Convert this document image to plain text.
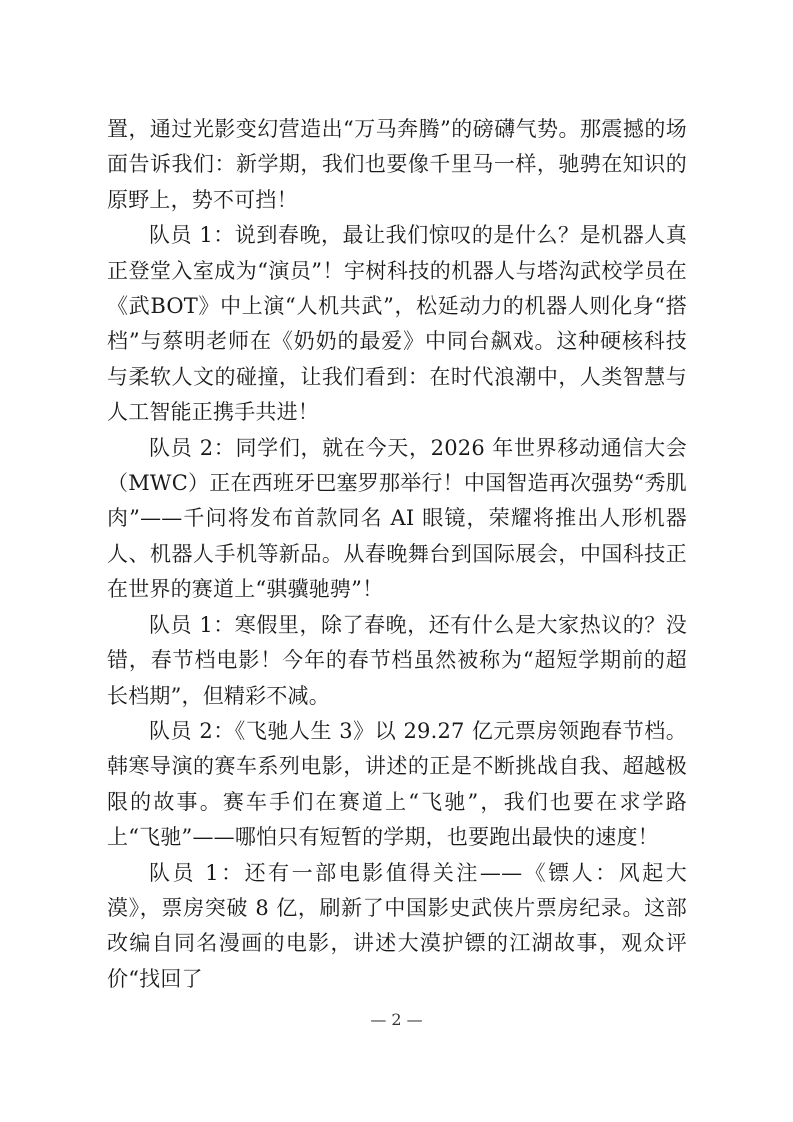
置，通过光影变幻营造出“万马奔腾”的磅礴气势。那震撼的场面告诉我们：新学期，我们也要像千里马一样，驰骋在知识的原野上，势不可挡！

队员 1：说到春晚，最让我们惊叹的是什么？是机器人真正登堂入室成为“演员”！宇树科技的机器人与塔沟武校学员在《武BOT》中上演“人机共武”，松延动力的机器人则化身“搭档”与蔡明老师在《奶奶的最爱》中同台飙戏。这种硬核科技与柔软人文的碰撞，让我们看到：在时代浪潮中，人类智慧与人工智能正携手共进！

队员 2：同学们，就在今天，2026 年世界移动通信大会（MWC）正在西班牙巴塞罗那举行！中国智造再次强势“秀肌肉”——千问将发布首款同名 AI 眼镜，荣耀将推出人形机器人、机器人手机等新品。从春晚舞台到国际展会，中国科技正在世界的赛道上“骐骥驰骋”！

队员 1：寒假里，除了春晚，还有什么是大家热议的？没错，春节档电影！今年的春节档虽然被称为“超短学期前的超长档期”，但精彩不减。

队员 2：《飞驰人生 3》以 29.27 亿元票房领跑春节档。韩寒导演的赛车系列电影，讲述的正是不断挑战自我、超越极限的故事。赛车手们在赛道上“飞驰”，我们也要在求学路上“飞驰”——哪怕只有短暂的学期，也要跑出最快的速度！

队员 1：还有一部电影值得关注——《镖人：风起大漠》，票房突破 8 亿，刷新了中国影史武侠片票房纪录。这部改编自同名漫画的电影，讲述大漠护镖的江湖故事，观众评价“找回了

— 2 —
